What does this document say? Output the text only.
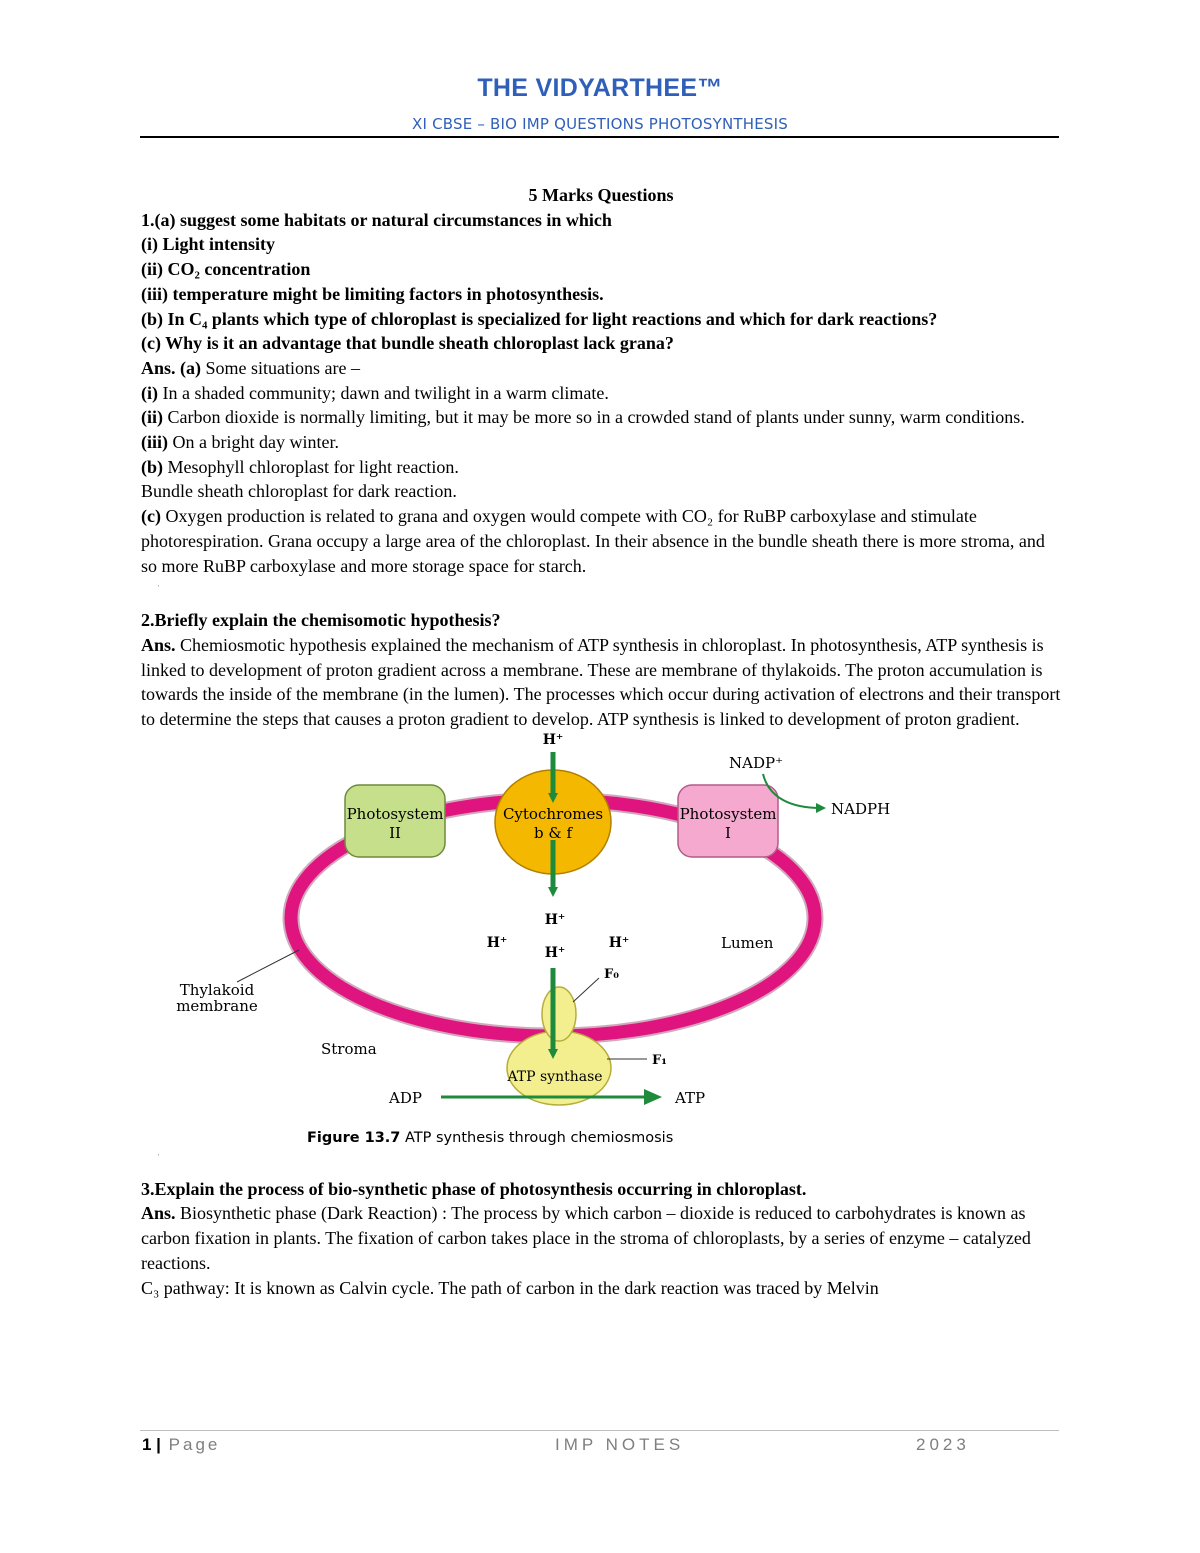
THE VIDYARTHEE™
XI CBSE – BIO IMP QUESTIONS PHOTOSYNTHESIS

5 Marks Questions

1.(a) suggest some habitats or natural circumstances in which

(i) Light intensity

(ii) CO₂ concentration

(iii) temperature might be limiting factors in photosynthesis.

(b) In C₄ plants which type of chloroplast is specialized for light reactions and which for dark reactions?

(c) Why is it an advantage that bundle sheath chloroplast lack grana?

Ans. (a) Some situations are –

(i) In a shaded community; dawn and twilight in a warm climate.

(ii) Carbon dioxide is normally limiting, but it may be more so in a crowded stand of plants under sunny, warm conditions.

(iii) On a bright day winter.

(b) Mesophyll chloroplast for light reaction.

Bundle sheath chloroplast for dark reaction.

(c) Oxygen production is related to grana and oxygen would compete with CO₂ for RuBP carboxylase and stimulate photorespiration. Grana occupy a large area of the chloroplast. In their absence in the bundle sheath there is more stroma, and so more RuBP carboxylase and more storage space for starch.

'

2.Briefly explain the chemisomotic hypothesis?

Ans. Chemiosmotic hypothesis explained the mechanism of ATP synthesis in chloroplast. In photosynthesis, ATP synthesis is linked to development of proton gradient across a membrane. These are membrane of thylakoids. The proton accumulation is towards the inside of the membrane (in the lumen). The processes which occur during activation of electrons and their transport to determine the steps that causes a proton gradient to develop. ATP synthesis is linked to development of proton gradient.

Photosystem
II
Photosystem
I
Cytochromes
b & f
H⁺
H⁺
H⁺	H⁺
H⁺
NADP⁺
NADPH
Lumen
Thylakoid
membrane
Stroma
F₀
F₁
ATP synthase
ADP	ATP
Figure 13.7 ATP synthesis through chemiosmosis
'

3.Explain the process of bio-synthetic phase of photosynthesis occurring in chloroplast.

Ans. Biosynthetic phase (Dark Reaction) : The process by which carbon – dioxide is reduced to carbohydrates is known as carbon fixation in plants. The fixation of carbon takes place in the stroma of chloroplasts, by a series of enzyme – catalyzed reactions.

C₃ pathway: It is known as Calvin cycle. The path of carbon in the dark reaction was traced by Melvin

1 | Page	IMP NOTES	2023
